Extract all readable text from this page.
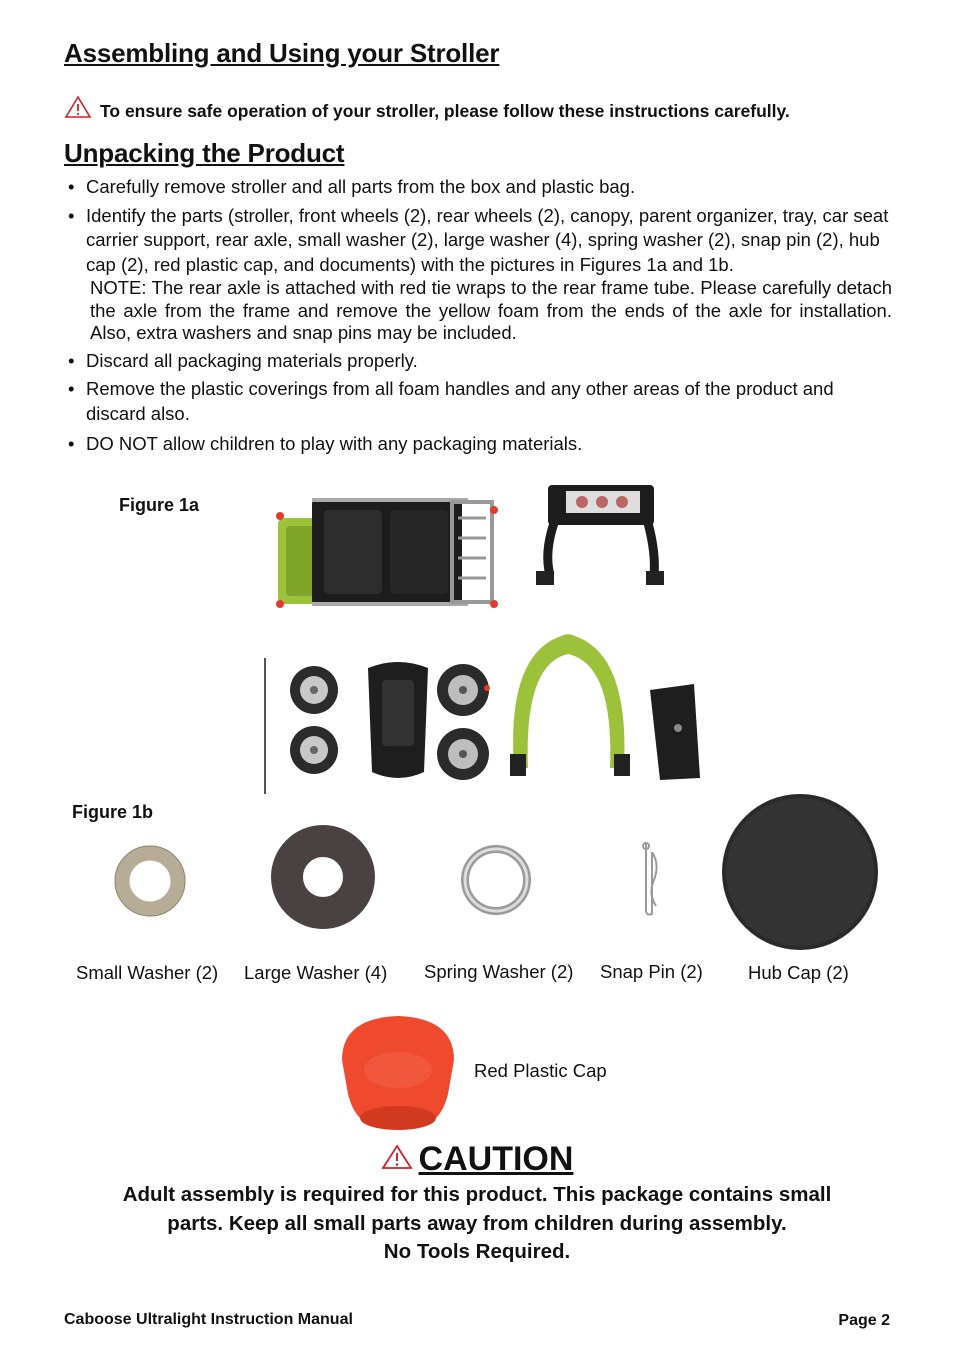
Assembling and Using your Stroller
To ensure safe operation of your stroller, please follow these instructions carefully.
Unpacking the Product
• Carefully remove stroller and all parts from the box and plastic bag.
• Identify the parts (stroller, front wheels (2), rear wheels (2), canopy, parent organizer, tray, car seat carrier support, rear axle, small washer (2), large washer (4), spring washer (2), snap pin (2), hub cap (2), red plastic cap, and documents) with the pictures in Figures 1a and 1b.
NOTE: The rear axle is attached with red tie wraps to the rear frame tube. Please carefully detach the axle from the frame and remove the yellow foam from the ends of the axle for installation. Also, extra washers and snap pins may be included.
• Discard all packaging materials properly.
• Remove the plastic coverings from all foam handles and any other areas of the product and discard also.
• DO NOT allow children to play with any packaging materials.
Figure 1a
Figure 1b
Small Washer (2) Large Washer (4) Spring Washer (2) Snap Pin (2) Hub Cap (2)
Red Plastic Cap
CAUTION
Adult assembly is required for this product. This package contains small
parts. Keep all small parts away from children during assembly.
No Tools Required.
Caboose Ultralight Instruction Manual	Page 2
